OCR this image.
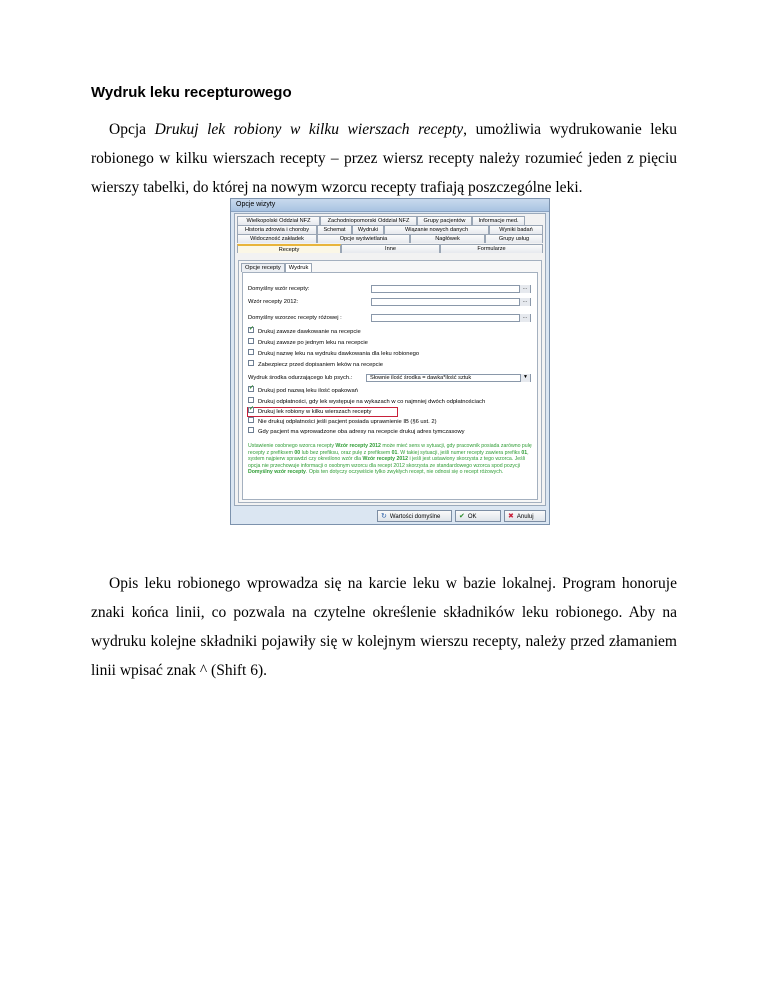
Wydruk leku recepturowego

Opcja Drukuj lek robiony w kilku wierszach recepty, umożliwia wydrukowanie leku robionego w kilku wierszach recepty – przez wiersz recepty należy rozumieć jeden z pięciu wierszy tabelki, do której na nowym wzorcu recepty trafiają poszczególne leki.

Opcje wizyty
Wielkopolski Oddział NFZ	Zachodniopomorski Oddział NFZ	Grupy pacjentów	Informacje med.
Historia zdrowia i choroby	Schemat	Wydruki	Wiązanie nowych danych	Wyniki badań
Widoczność zakładek	Opcje wyświetlania	Nagłówek	Grupy usług
Recepty	Inne	Formularze
Opcje recepty	Wydruk
Domyślny wzór recepty:	...
Wzór recepty 2012:	...
Domyślny wzorzec recepty różowej :	...
✓Drukuj zawsze dawkowanie na recepcie
Drukuj zawsze po jednym leku na recepcie
Drukuj nazwę leku na wydruku dawkowania dla leku robionego
Zabezpiecz przed dopisaniem leków na recepcie
Wydruk środka odurzającego lub psych.:	Słownie ilość środka = dawka*ilość sztuk	▼
✓Drukuj pod nazwą leku ilość opakowań
Drukuj odpłatności, gdy lek występuje na wykazach w co najmniej dwóch odpłatnościach
✓Drukuj lek robiony w kilku wierszach recepty
Nie drukuj odpłatności jeśli pacjent posiada uprawnienie IB (§6 ust. 2)
Gdy pacjent ma wprowadzone oba adresy na recepcie drukuj adres tymczasowy
Ustawienie osobnego wzorca recepty Wzór recepty 2012 może mieć sens w sytuacji, gdy pracownik posiada zarówno pulę recepty z prefiksem 00 lub bez prefiksu, oraz pulę z prefiksem 01. W takiej sytuacji, jeśli numer recepty zawiera prefiks 01, system najpierw sprawdzi czy określono wzór dla Wzór recepty 2012 i jeśli jest ustawiony skorzysta z tego wzorca. Jeśli opcja nie przechowuje informacji o osobnym wzorcu dla recept 2012 skorzysta ze standardowego wzorca spod pozycji Domyślny wzór recepty. Opis ten dotyczy oczywiście tylko zwykłych recept, nie odnosi się o recept różowych.
↻ Wartości domyślne	✔ OK	✖ Anuluj

Opis leku robionego wprowadza się na karcie leku w bazie lokalnej. Program honoruje znaki końca linii, co pozwala na czytelne określenie składników leku robionego. Aby na wydruku kolejne składniki pojawiły się w kolejnym wierszu recepty, należy przed złamaniem linii wpisać znak ^ (Shift 6).
